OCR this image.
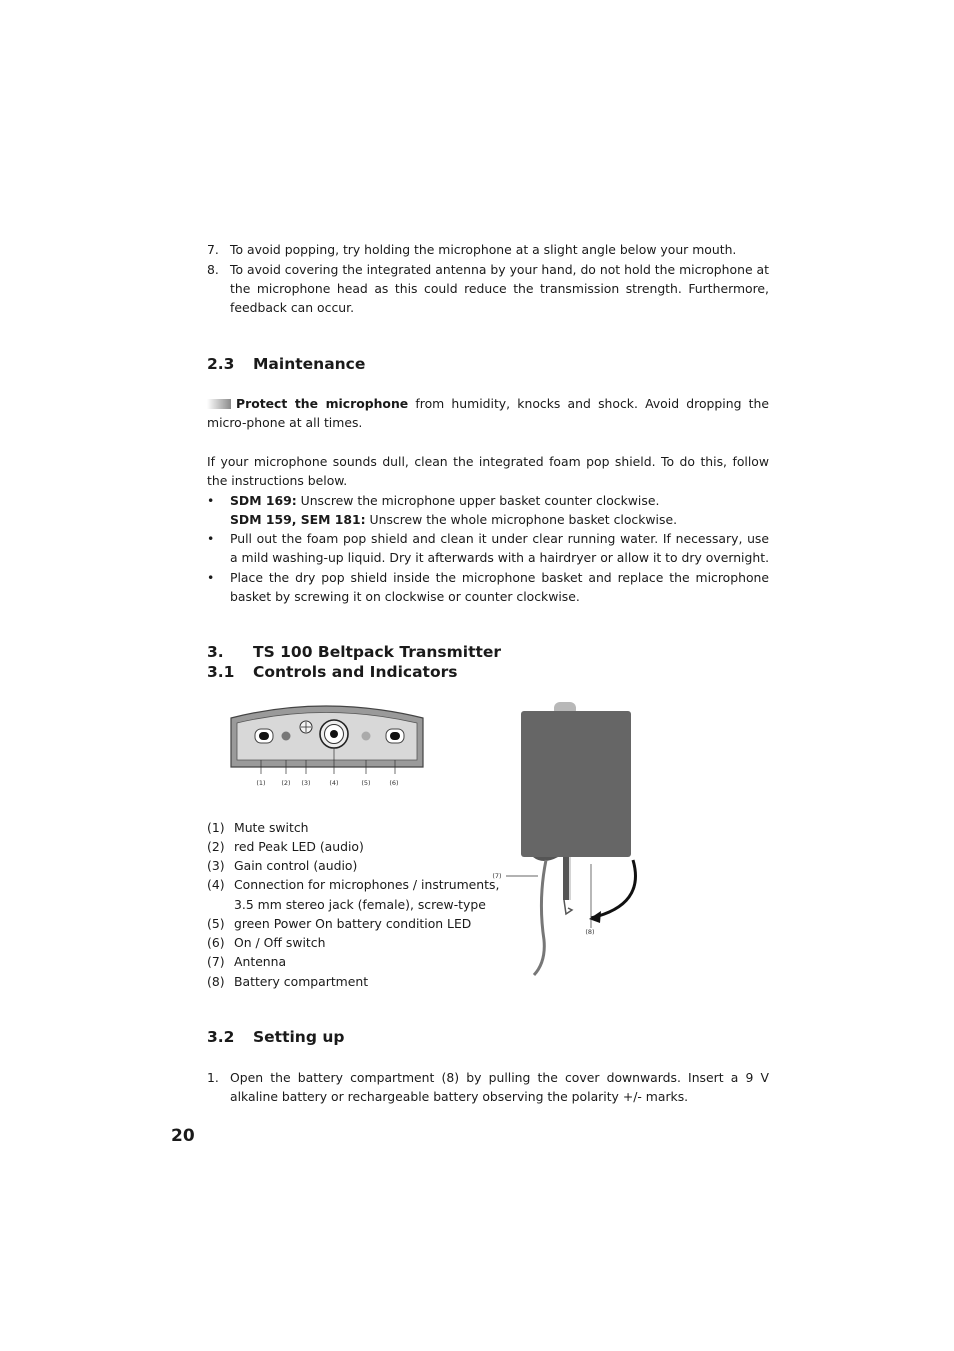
7. To avoid popping, try holding the microphone at a slight angle below your mouth.

8. To avoid covering the integrated antenna by your hand, do not hold the microphone at the microphone head as this could reduce the transmission strength. Furthermore, feedback can occur.

2.3 Maintenance

Protect the microphone from humidity, knocks and shock. Avoid dropping the micro-phone at all times.

If your microphone sounds dull, clean the integrated foam pop shield. To do this, follow the instructions below.

• SDM 169: Unscrew the microphone upper basket counter clockwise.

SDM 159, SEM 181: Unscrew the whole microphone basket clockwise.

• Pull out the foam pop shield and clean it under clear running water. If necessary, use a mild washing-up liquid. Dry it afterwards with a hairdryer or allow it to dry overnight.

• Place the dry pop shield inside the microphone basket and replace the microphone basket by screwing it on clockwise or counter clockwise.

3. TS 100 Beltpack Transmitter
3.1 Controls and Indicators
(1) (2) (3)	(4)	(5)	(6)
(7)
(8)
(1) Mute switch
(2) red Peak LED (audio)
(3) Gain control (audio)
(4) Connection for microphones / instruments,
3.5 mm stereo jack (female), screw-type
(5) green Power On battery condition LED
(6) On / Off switch
(7) Antenna
(8) Battery compartment
3.2 Setting up
1. Open the battery compartment (8) by pulling the cover downwards. Insert a 9 V alkaline battery or rechargeable battery observing the polarity +/- marks.

20
